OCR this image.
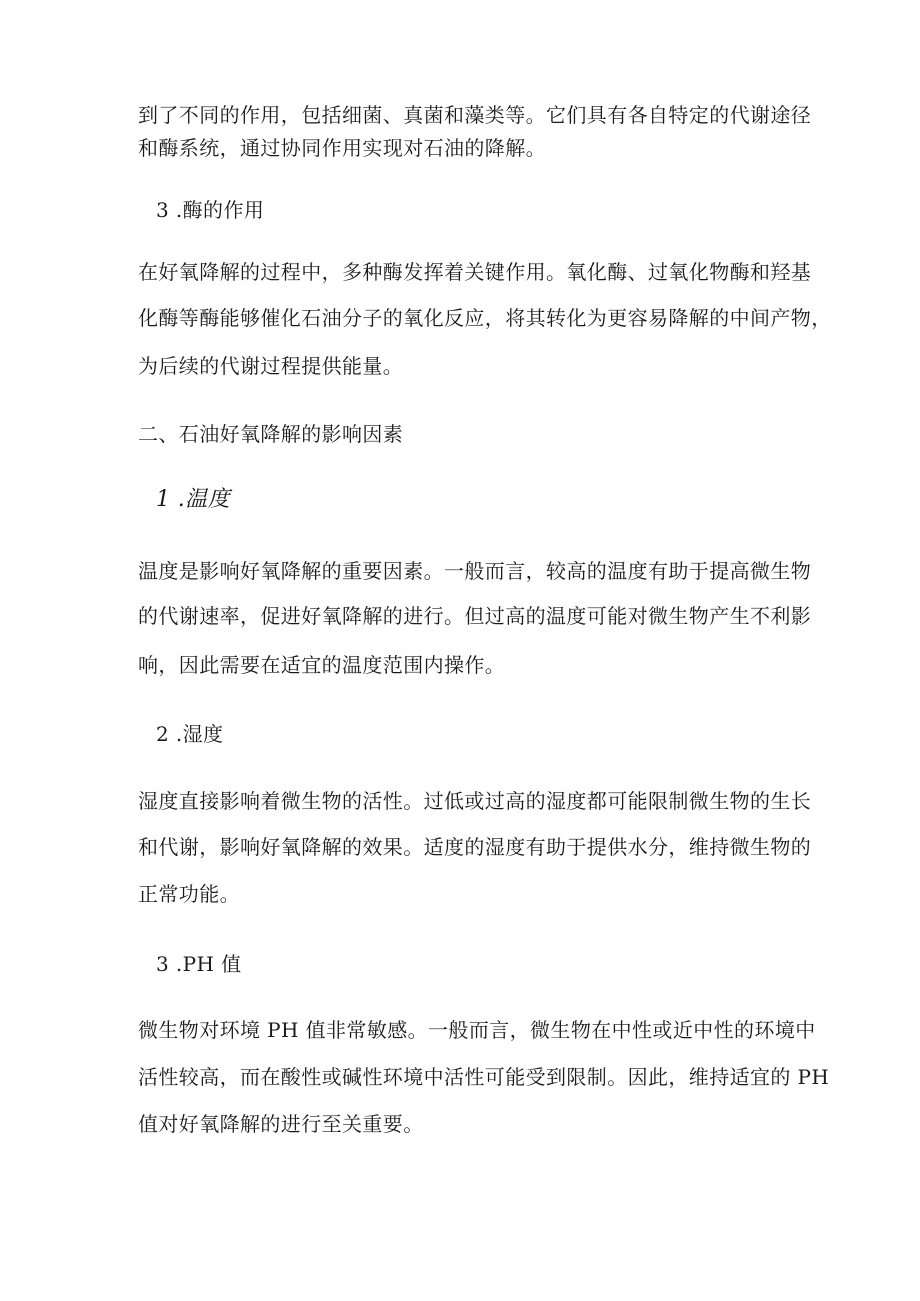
到了不同的作用，包括细菌、真菌和藻类等。它们具有各自特定的代谢途径
和酶系统，通过协同作用实现对石油的降解。
3 .酶的作用
在好氧降解的过程中，多种酶发挥着关键作用。氧化酶、过氧化物酶和羟基
化酶等酶能够催化石油分子的氧化反应，将其转化为更容易降解的中间产物，
为后续的代谢过程提供能量。
二、石油好氧降解的影响因素
1 .温度
温度是影响好氧降解的重要因素。一般而言，较高的温度有助于提高微生物
的代谢速率，促进好氧降解的进行。但过高的温度可能对微生物产生不利影
响，因此需要在适宜的温度范围内操作。
2 .湿度
湿度直接影响着微生物的活性。过低或过高的湿度都可能限制微生物的生长
和代谢，影响好氧降解的效果。适度的湿度有助于提供水分，维持微生物的
正常功能。
3 .PH 值
微生物对环境 PH 值非常敏感。一般而言，微生物在中性或近中性的环境中
活性较高，而在酸性或碱性环境中活性可能受到限制。因此，维持适宜的 PH
值对好氧降解的进行至关重要。
